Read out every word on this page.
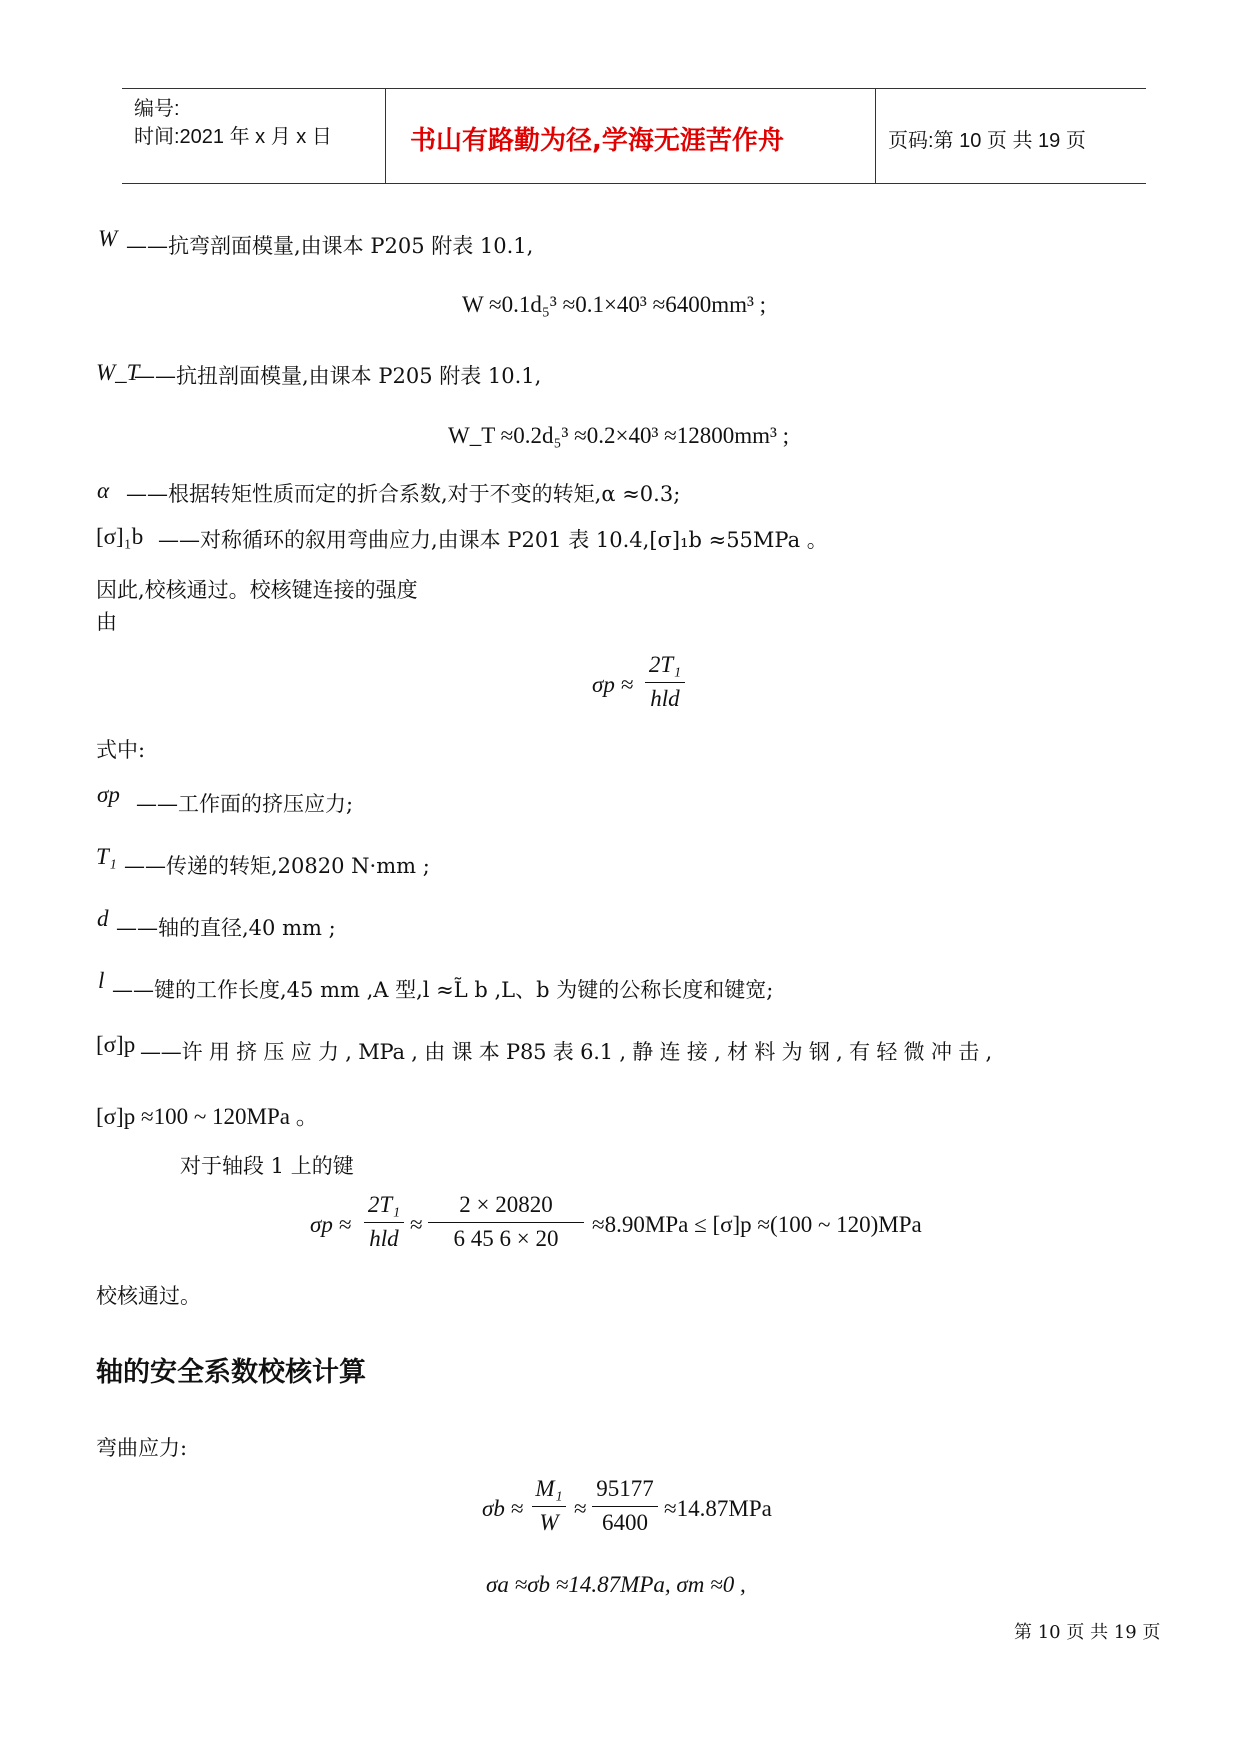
编号:
时间:2021 年 x 月 x 日	书山有路勤为径,学海无涯苦作舟	页码:第 10 页 共 19 页
W ——抗弯剖面模量,由课本 P205 附表 10.1,
W ≈0.1d₅³ ≈0.1×40³ ≈6400mm³ ;
W_T
——抗扭剖面模量,由课本 P205 附表 10.1,
W_T ≈0.2d₅³ ≈0.2×40³ ≈12800mm³ ;
α ——根据转矩性质而定的折合系数,对于不变的转矩,α ≈0.3;
[σ]₁b ——对称循环的叙用弯曲应力,由课本 P201 表 10.4,[σ]₁b ≈55MPa 。
因此,校核通过。校核键连接的强度
由
σp ≈
2T₁
hld
式中:
σp ——工作面的挤压应力;
T₁ ——传递的转矩,20820 N·mm ;
d ——轴的直径,40 mm ;
l ——键的工作长度,45 mm ,A 型,l ≈L̃ b ,L、b 为键的公称长度和键宽;
[σ]p ——许 用 挤 压 应 力 , MPa , 由 课 本 P85 表 6.1 , 静 连 接 , 材 料 为 钢 , 有 轻 微 冲 击 ,
[σ]p ≈100 ~ 120MPa 。
对于轴段 1 上的键
σp ≈
2T₁
hld
≈
2 × 20820
6 45 6 × 20
≈8.90MPa ≤ [σ]p ≈(100 ~ 120)MPa
校核通过。
轴的安全系数校核计算
弯曲应力:
σb ≈
M₁
W
≈
95177
6400
≈14.87MPa
σa ≈σb ≈14.87MPa, σm ≈0 ,
第 10 页 共 19 页
